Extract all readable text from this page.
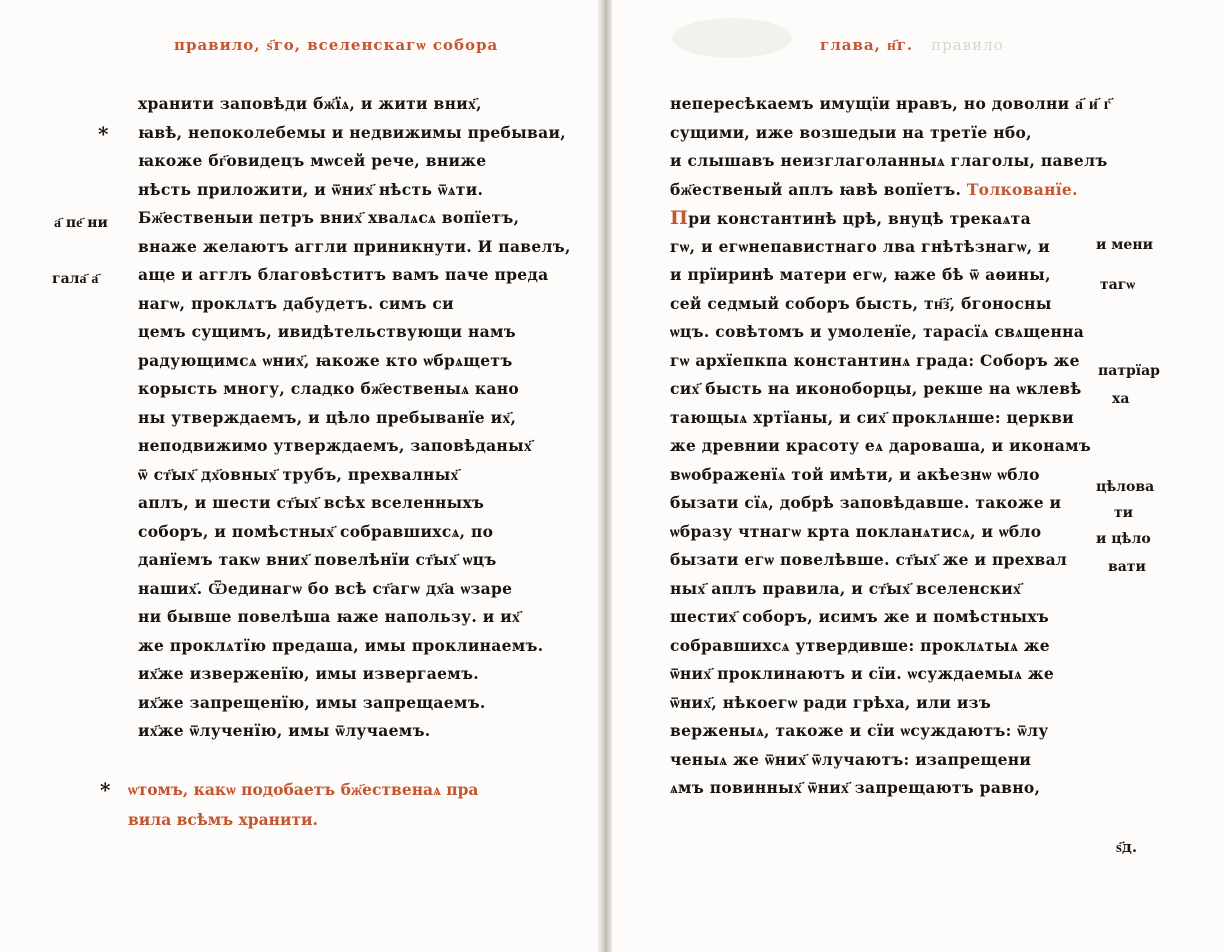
правило, ѕ҃го, вселенскагѡ собора
*
а҃ пе҃ ни
гала҃ а҃
хранити заповѣди бж҃їѧ, и жити вних҃,
ꙗвѣ, непоколебемы и недвижимы пребываи,
ꙗкоже бг҃овидецъ мѡсей рече, вниже
нѣсть приложити, и ѿних҃ нѣсть ѿѧти.
Бж҃ественыи петръ вних҃ хвалѧсѧ вопїетъ,
внаже желаютъ аггли приникнути. И павелъ,
аще и агглъ благовѣститъ вамъ паче преда
нагѡ, проклѧтъ дабудетъ. симъ си
цемъ сущимъ, ивидѣтельствующи намъ
радующимсѧ ѡних҃, ꙗкоже кто ѡбрѧщетъ
корысть многу, сладко бж҃ественыѧ кано
ны утверждаемъ, и цѣло пребыванїе их҃,
неподвижимо утверждаемъ, заповѣданых҃
ѿ ст҃ых҃ дх҃овных҃ трубъ, прехвалных҃
аплъ, и шести ст҃ых҃ всѣх вселенныхъ
соборъ, и помѣстных҃ собравшихсѧ, по
данїемъ такѡ вних҃ повелѣнїи ст҃ых҃ ѡцъ
наших҃. Ѿединагѡ бо всѣ ст҃агѡ дх҃а ѡзаре
ни бывше повелѣша ꙗже напользу. и их҃
же проклѧтїю предаша, имы проклинаемъ.
их҃же изверженїю, имы извергаемъ.
их҃же запрещенїю, имы запрещаемъ.
их҃же ѿлученїю, имы ѿлучаемъ.
* ѡтомъ, какѡ подобаетъ бж҃ественаѧ пра
вила всѣмъ хранити.
глава, н҃г. правило
непересѣкаемъ имущїи нравъ, но доволни а҃ и҃ г҃
сущими, иже возшедыи на третїе нбо,
и слышавъ неизглаголанныѧ глаголы, павелъ
бж҃ественый аплъ ꙗвѣ вопїетъ. Толкованїе.
При константинѣ црѣ, внуцѣ трекаѧта
гѡ, и егѡнепавистнаго лва гнѣтѣзнагѡ, и
и прїиринѣ матери егѡ, ꙗже бѣ ѿ аѳины,
сей седмый соборъ бысть, тн҃з҃, бгоносны
ѡцъ. совѣтомъ и умоленїе, тарасїѧ свѧщенна
гѡ архїепкпа константинѧ града: Соборъ же
сих҃ бысть на иконоборцы, рекше на ѡклевѣ
тающыѧ хртїаны, и сих҃ проклѧнше: церкви
же древнии красоту еѧ дароваша, и иконамъ
вѡображенїѧ той имѣти, и акѣезнѡ ѡбло
бызати сїѧ, добрѣ заповѣдавше. такоже и
ѡбразу чтнагѡ крта покланѧтисѧ, и ѡбло
бызати егѡ повелѣвше. ст҃ых҃ же и прехвал
ных҃ аплъ правила, и ст҃ых҃ вселенских҃
шестих҃ соборъ, исимъ же и помѣстныхъ
собравшихсѧ утвердивше: проклѧтыѧ же
ѿних҃ проклинаютъ и сїи. ѡсуждаемыѧ же
ѿних҃, нѣкоегѡ ради грѣха, или изъ
верженыѧ, такоже и сїи ѡсуждаютъ: ѿлу
ченыѧ же ѿних҃ ѿлучаютъ: изапрещени
ѧмъ повинных҃ ѿних҃ запрещаютъ равно,
и мени
тагѡ
патрїар
ха
цѣлова
ти
и цѣло
вати
ѕ҃д.
